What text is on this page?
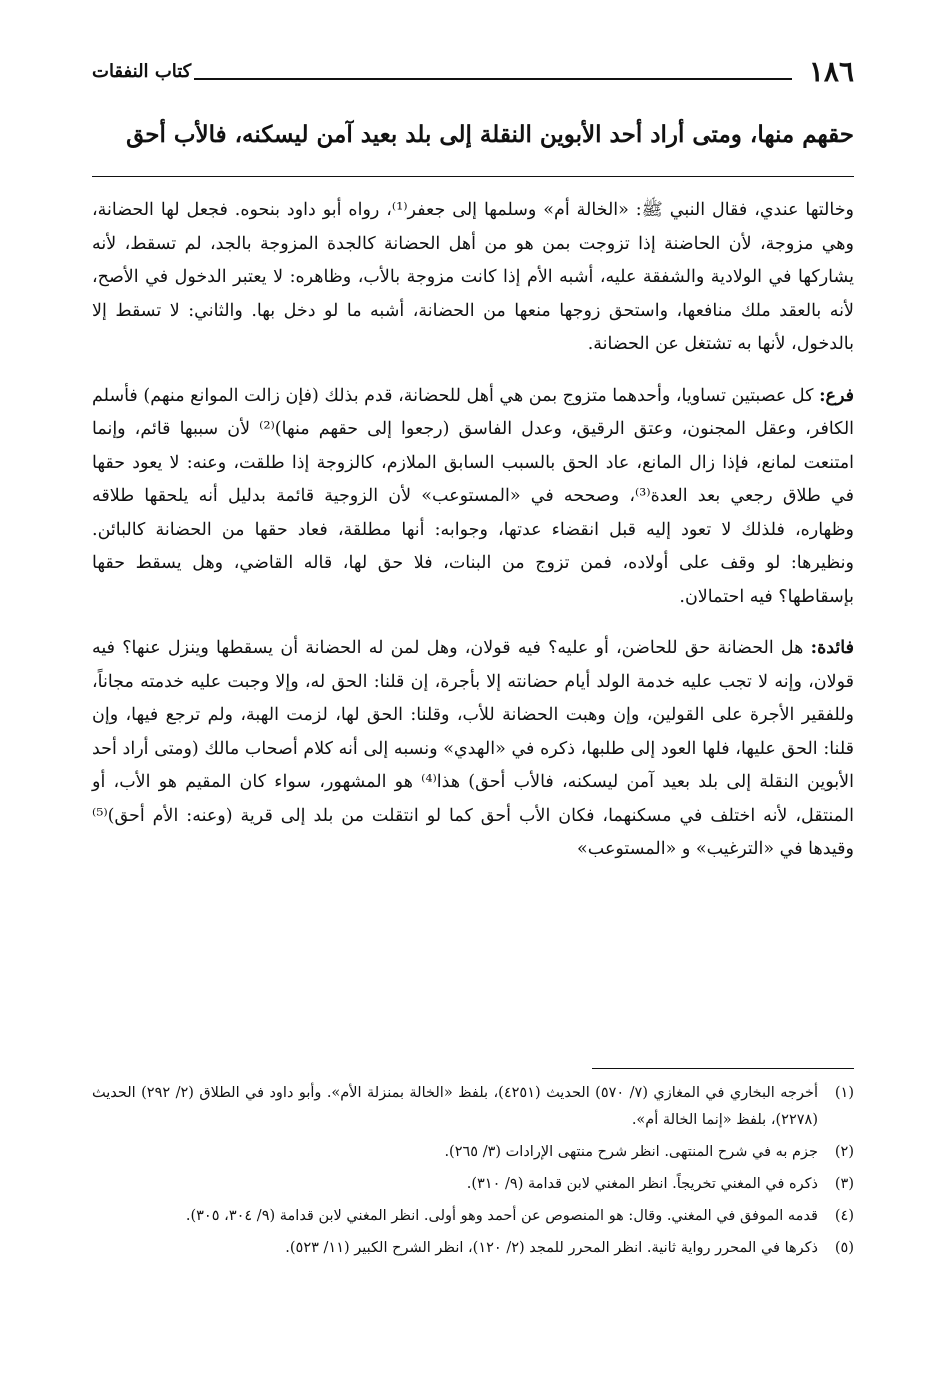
١٨٦
كتاب النفقات
حقهم منها، ومتى أراد أحد الأبوين النقلة إلى بلد بعيد آمن ليسكنه، فالأب أحق

وخالتها عندي، فقال النبي ﷺ: «الخالة أم» وسلمها إلى جعفر⁽¹⁾، رواه أبو داود بنحوه. فجعل لها الحضانة، وهي مزوجة، لأن الحاضنة إذا تزوجت بمن هو من أهل الحضانة كالجدة المزوجة بالجد، لم تسقط، لأنه يشاركها في الولادية والشفقة عليه، أشبه الأم إذا كانت مزوجة بالأب، وظاهره: لا يعتبر الدخول في الأصح، لأنه بالعقد ملك منافعها، واستحق زوجها منعها من الحضانة، أشبه ما لو دخل بها. والثاني: لا تسقط إلا بالدخول، لأنها به تشتغل عن الحضانة.

فرع: كل عصبتين تساويا، وأحدهما متزوج بمن هي أهل للحضانة، قدم بذلك (فإن زالت الموانع منهم) فأسلم الكافر، وعقل المجنون، وعتق الرقيق، وعدل الفاسق (رجعوا إلى حقهم منها)⁽²⁾ لأن سببها قائم، وإنما امتنعت لمانع، فإذا زال المانع، عاد الحق بالسبب السابق الملازم، كالزوجة إذا طلقت، وعنه: لا يعود حقها في طلاق رجعي بعد العدة⁽³⁾، وصححه في «المستوعب» لأن الزوجية قائمة بدليل أنه يلحقها طلاقه وظهاره، فلذلك لا تعود إليه قبل انقضاء عدتها، وجوابه: أنها مطلقة، فعاد حقها من الحضانة كالبائن. ونظيرها: لو وقف على أولاده، فمن تزوج من البنات، فلا حق لها، قاله القاضي، وهل يسقط حقها بإسقاطها؟ فيه احتمالان.

فائدة: هل الحضانة حق للحاضن، أو عليه؟ فيه قولان، وهل لمن له الحضانة أن يسقطها وينزل عنها؟ فيه قولان، وإنه لا تجب عليه خدمة الولد أيام حضانته إلا بأجرة، إن قلنا: الحق له، وإلا وجبت عليه خدمته مجاناً، وللفقير الأجرة على القولين، وإن وهبت الحضانة للأب، وقلنا: الحق لها، لزمت الهبة، ولم ترجع فيها، وإن قلنا: الحق عليها، فلها العود إلى طلبها، ذكره في «الهدي» ونسبه إلى أنه كلام أصحاب مالك (ومتى أراد أحد الأبوين النقلة إلى بلد بعيد آمن ليسكنه، فالأب أحق) هذا⁽⁴⁾ هو المشهور، سواء كان المقيم هو الأب، أو المنتقل، لأنه اختلف في مسكنهما، فكان الأب أحق كما لو انتقلت من بلد إلى قرية (وعنه: الأم أحق)⁽⁵⁾ وقيدها في «الترغيب» و «المستوعب»

(١)
أخرجه البخاري في المغازي (٧/ ٥٧٠) الحديث (٤٢٥١)، بلفظ «الخالة بمنزلة الأم». وأبو داود في الطلاق (٢/ ٢٩٢) الحديث (٢٢٧٨)، بلفظ «إنما الخالة أم».
(٢)
جزم به في شرح المنتهى. انظر شرح منتهى الإرادات (٣/ ٢٦٥).
(٣)
ذكره في المغني تخريجاً. انظر المغني لابن قدامة (٩/ ٣١٠).
(٤)
قدمه الموفق في المغني. وقال: هو المنصوص عن أحمد وهو أولى. انظر المغني لابن قدامة (٩/ ٣٠٤، ٣٠٥).
(٥)
ذكرها في المحرر رواية ثانية. انظر المحرر للمجد (٢/ ١٢٠)، انظر الشرح الكبير (١١/ ٥٢٣).
